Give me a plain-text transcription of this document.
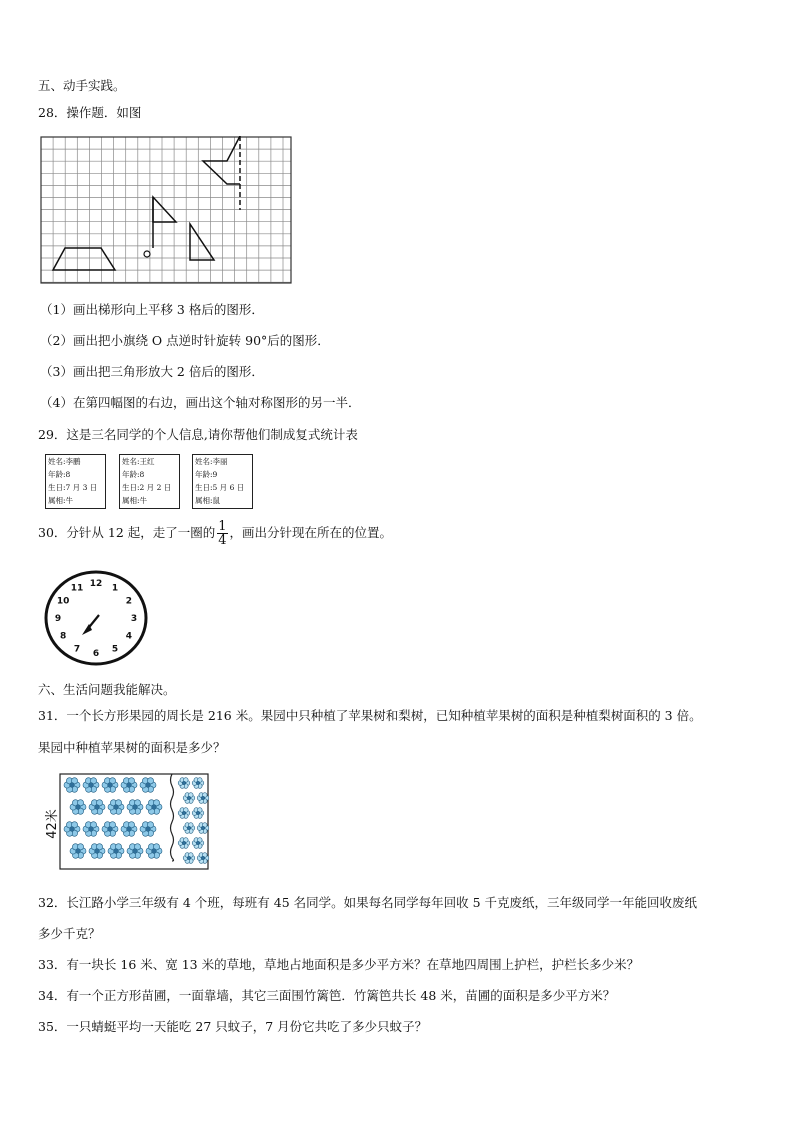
五、动手实践。
28．操作题．如图
（1）画出梯形向上平移 3 格后的图形．
（2）画出把小旗绕 O 点逆时针旋转 90°后的图形．
（3）画出把三角形放大 2 倍后的图形．
（4）在第四幅图的右边，画出这个轴对称图形的另一半．
29．这是三名同学的个人信息,请你帮他们制成复式统计表
姓名:李鹏
年龄:8
生日:7 月 3 日
属相:牛
姓名:王红
年龄:8
生日:2 月 2 日
属相:牛
姓名:李丽
年龄:9
生日:5 月 6 日
属相:鼠
30．分针从 12 起，走了一圈的 $\frac{1}{4}$ ，画出分针现在所在的位置。
12 1
2
3
4
5
6
7
8
9
10
11
六、生活问题我能解决。
31．一个长方形果园的周长是 216 米。果园中只种植了苹果树和梨树，已知种植苹果树的面积是种植梨树面积的 3 倍。
果园中种植苹果树的面积是多少？
42米
32．长江路小学三年级有 4 个班，每班有 45 名同学。如果每名同学每年回收 5 千克废纸，三年级同学一年能回收废纸
多少千克？
33．有一块长 16 米、宽 13 米的草地，草地占地面积是多少平方米？在草地四周围上护栏，护栏长多少米？
34．有一个正方形苗圃，一面靠墙，其它三面围竹篱笆．竹篱笆共长 48 米，苗圃的面积是多少平方米？
35．一只蜻蜓平均一天能吃 27 只蚊子，7 月份它共吃了多少只蚊子？
